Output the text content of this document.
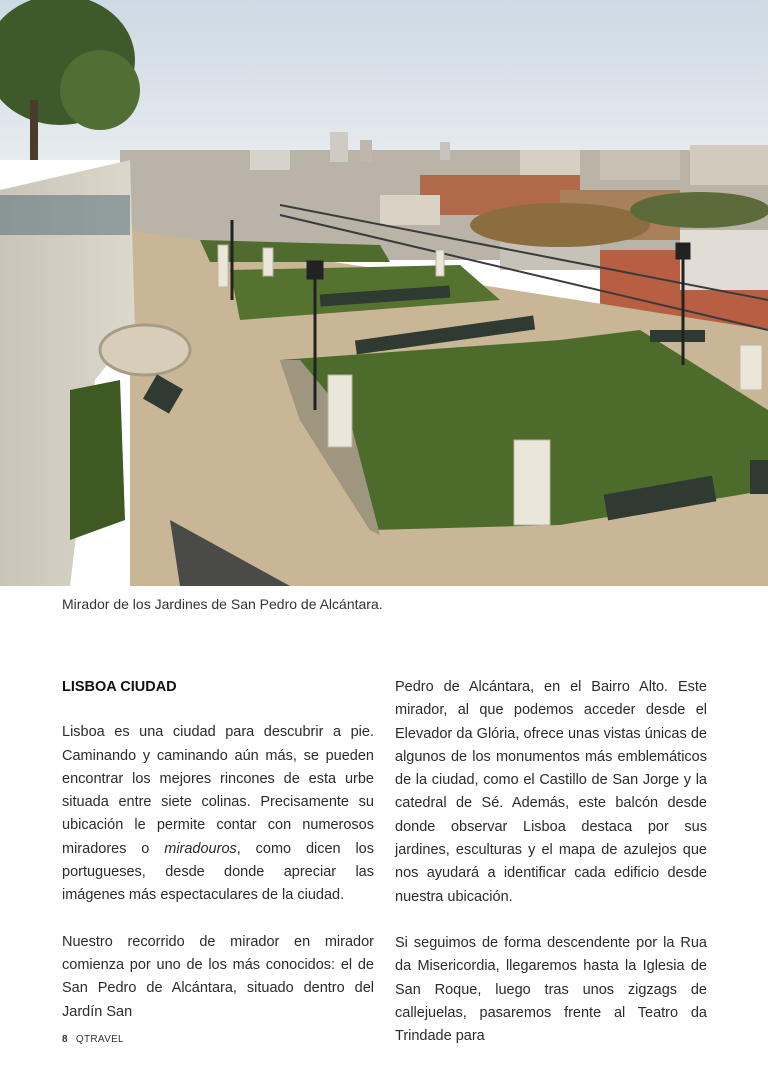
Mirador de los Jardines de San Pedro de Alcántara.
LISBOA CIUDAD

Lisboa es una ciudad para descubrir a pie. Caminando y caminando aún más, se pueden encontrar los mejores rincones de esta urbe situada entre siete colinas. Precisamente su ubicación le permite contar con numerosos miradores o miradouros, como dicen los portugueses, desde donde apreciar las imágenes más espectaculares de la ciudad.

Nuestro recorrido de mirador en mirador comienza por uno de los más conocidos: el de San Pedro de Alcántara, situado dentro del Jardín San

Pedro de Alcántara, en el Bairro Alto. Este mirador, al que podemos acceder desde el Elevador da Glória, ofrece unas vistas únicas de algunos de los monumentos más emblemáticos de la ciudad, como el Castillo de San Jorge y la catedral de Sé. Además, este balcón desde donde observar Lisboa destaca por sus jardines, esculturas y el mapa de azulejos que nos ayudará a identificar cada edificio desde nuestra ubicación.

Si seguimos de forma descendente por la Rua da Misericordia, llegaremos hasta la Iglesia de San Roque, luego tras unos zigzags de callejuelas, pasaremos frente al Teatro da Trindade para

8 QTRAVEL
